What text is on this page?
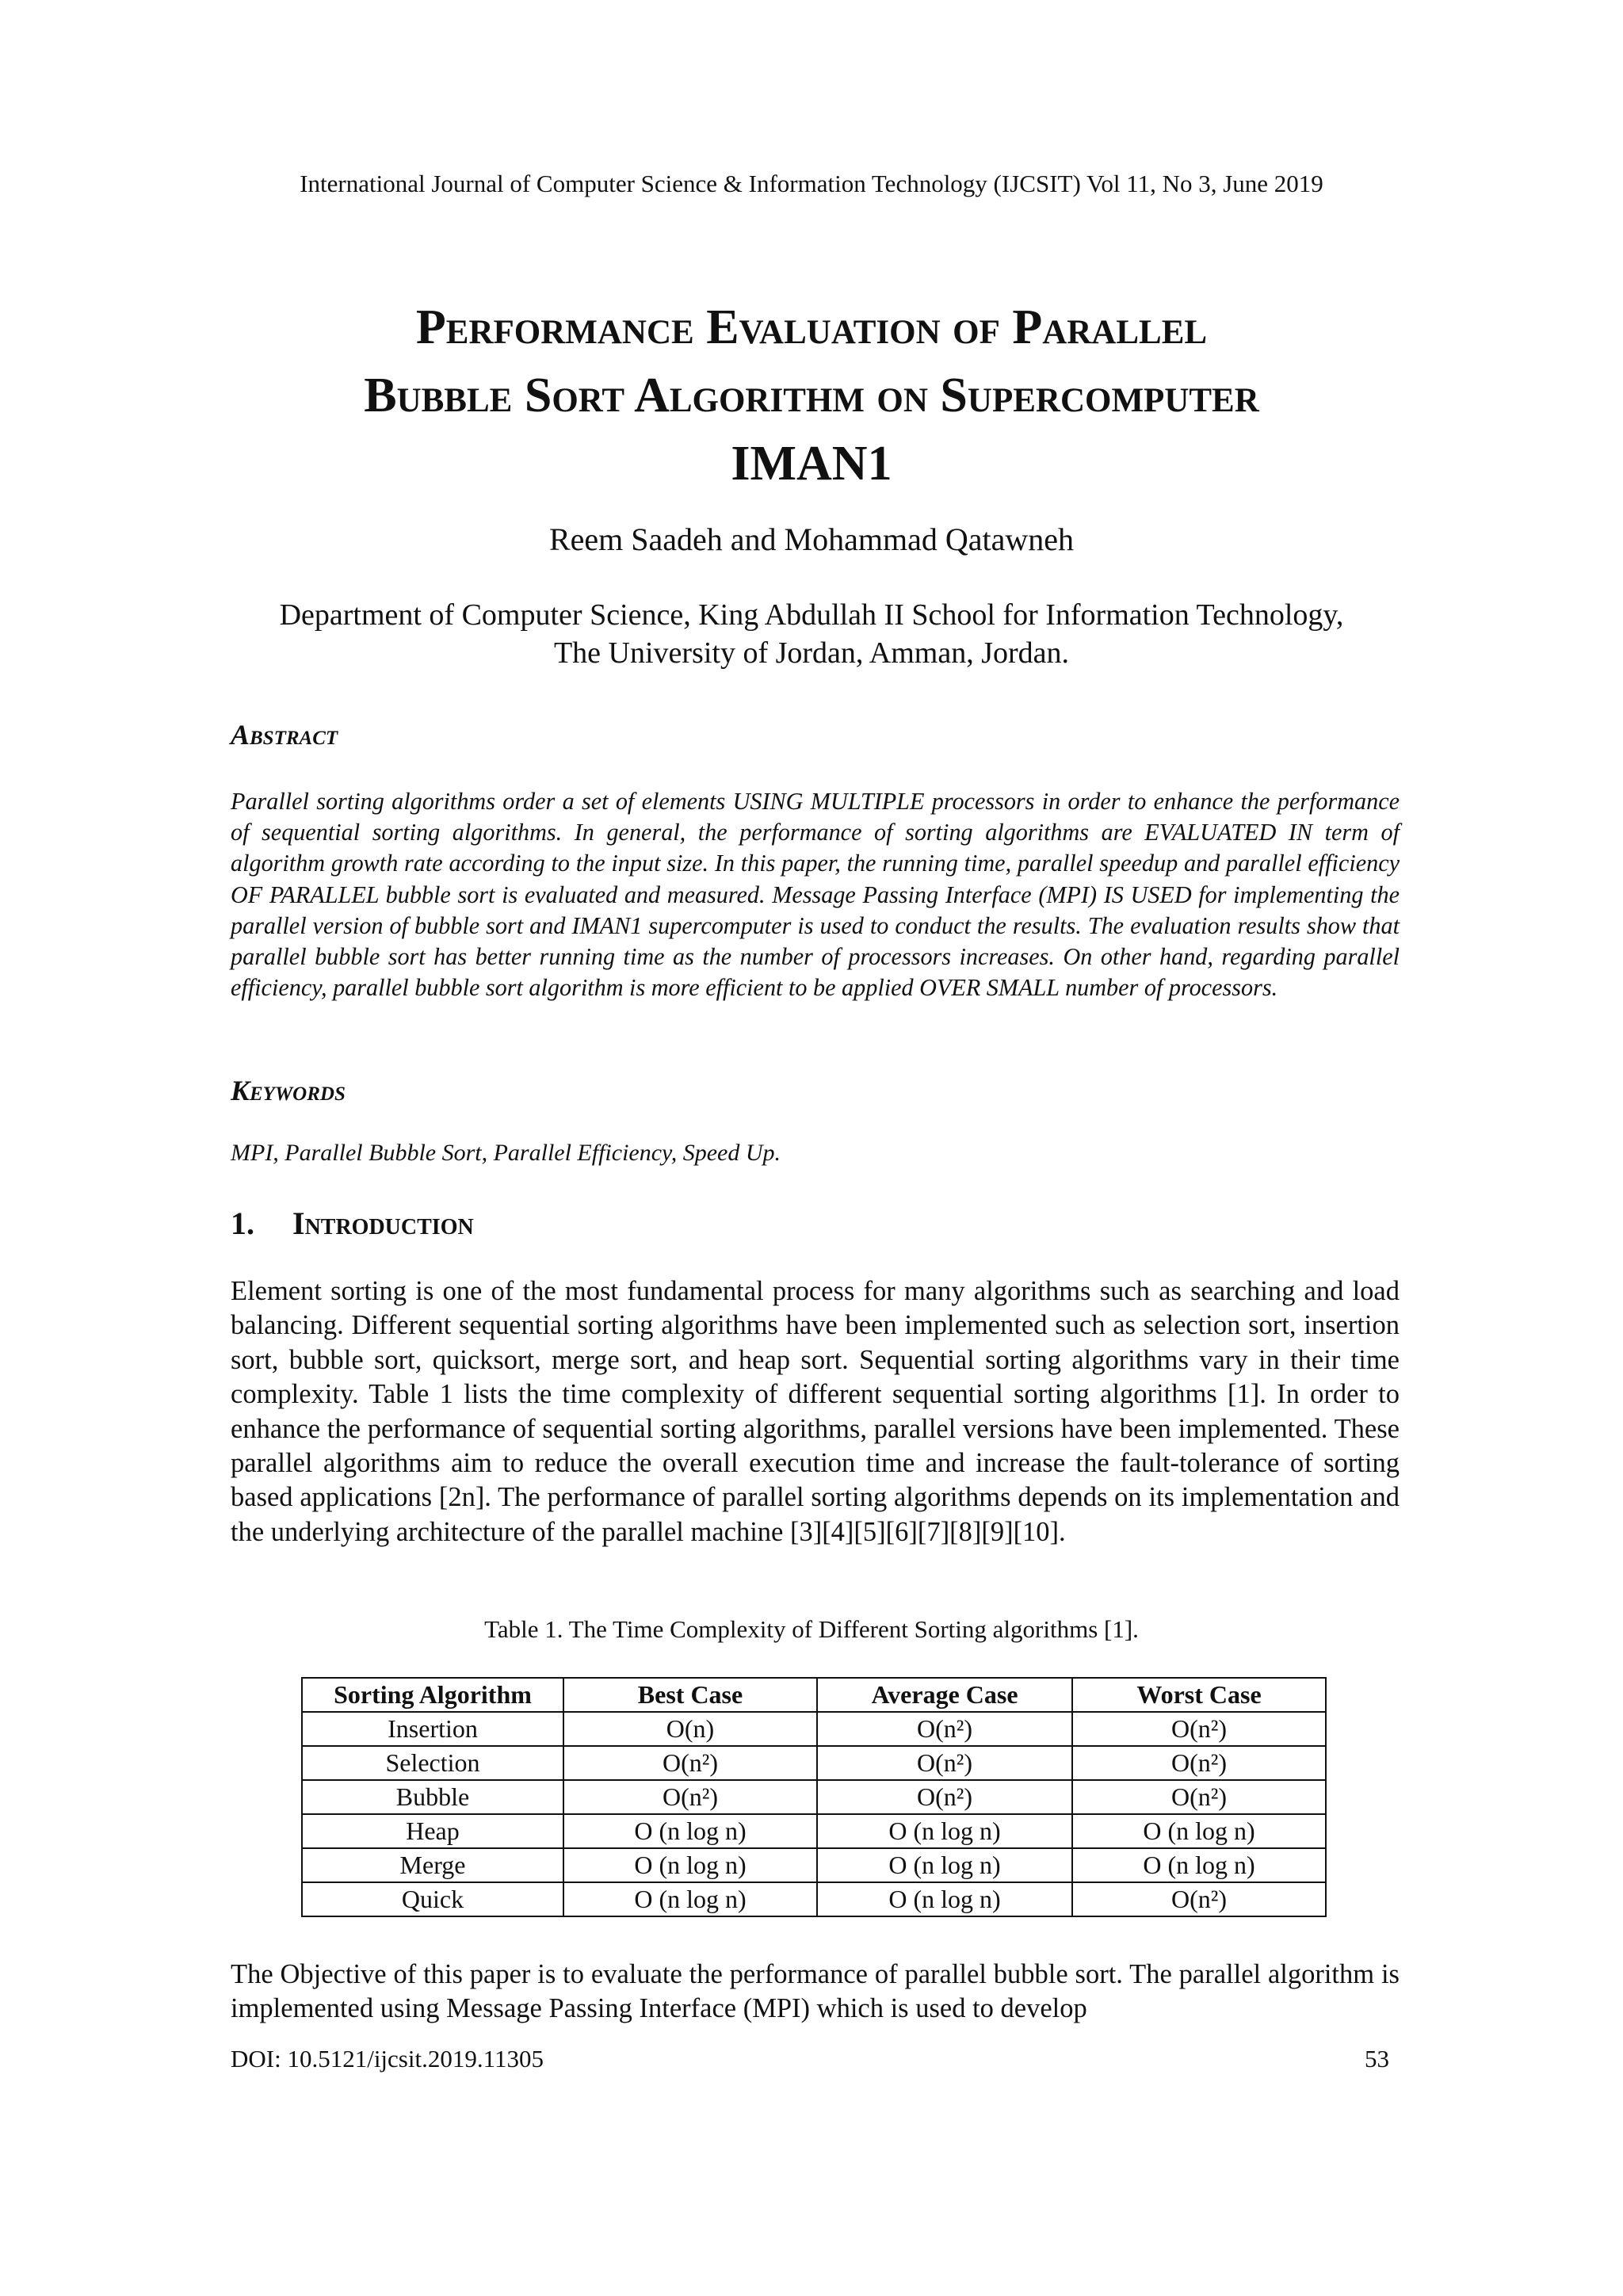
International Journal of Computer Science & Information Technology (IJCSIT) Vol 11, No 3, June 2019
Performance Evaluation of Parallel
Bubble Sort Algorithm on Supercomputer
IMAN1
Reem Saadeh and Mohammad Qatawneh
Department of Computer Science, King Abdullah II School for Information Technology,
The University of Jordan, Amman, Jordan.
Abstract
Parallel sorting algorithms order a set of elements USING MULTIPLE processors in order to enhance the performance of sequential sorting algorithms. In general, the performance of sorting algorithms are EVALUATED IN term of algorithm growth rate according to the input size. In this paper, the running time, parallel speedup and parallel efficiency OF PARALLEL bubble sort is evaluated and measured. Message Passing Interface (MPI) IS USED for implementing the parallel version of bubble sort and IMAN1 supercomputer is used to conduct the results. The evaluation results show that parallel bubble sort has better running time as the number of processors increases. On other hand, regarding parallel efficiency, parallel bubble sort algorithm is more efficient to be applied OVER SMALL number of processors.
Keywords
MPI, Parallel Bubble Sort, Parallel Efficiency, Speed Up.
1. Introduction
Element sorting is one of the most fundamental process for many algorithms such as searching and load balancing. Different sequential sorting algorithms have been implemented such as selection sort, insertion sort, bubble sort, quicksort, merge sort, and heap sort. Sequential sorting algorithms vary in their time complexity. Table 1 lists the time complexity of different sequential sorting algorithms [1]. In order to enhance the performance of sequential sorting algorithms, parallel versions have been implemented. These parallel algorithms aim to reduce the overall execution time and increase the fault-tolerance of sorting based applications [2n]. The performance of parallel sorting algorithms depends on its implementation and the underlying architecture of the parallel machine [3][4][5][6][7][8][9][10].
Table 1. The Time Complexity of Different Sorting algorithms [1].
Sorting Algorithm	Best Case	Average Case	Worst Case
Insertion	O(n)	O(n²)	O(n²)
Selection	O(n²)	O(n²)	O(n²)
Bubble	O(n²)	O(n²)	O(n²)
Heap	O (n log n)	O (n log n)	O (n log n)
Merge	O (n log n)	O (n log n)	O (n log n)
Quick	O (n log n)	O (n log n)	O(n²)
The Objective of this paper is to evaluate the performance of parallel bubble sort. The parallel algorithm is implemented using Message Passing Interface (MPI) which is used to develop
DOI: 10.5121/ijcsit.2019.11305	53
